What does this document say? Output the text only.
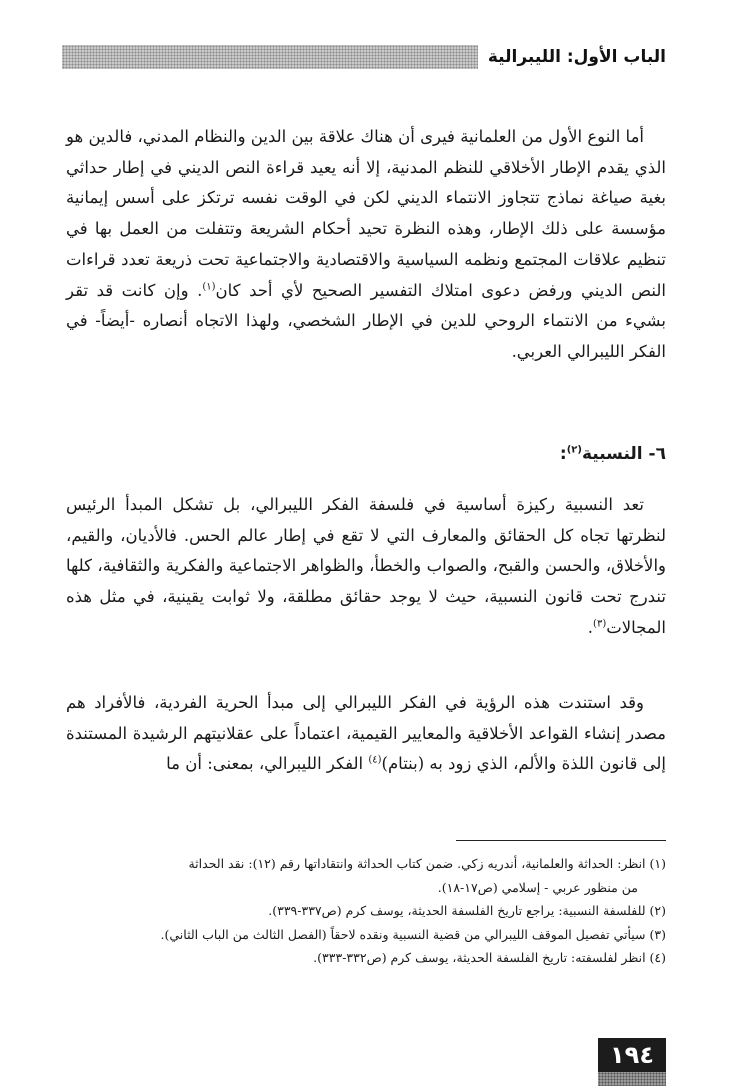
الباب الأول: الليبرالية

أما النوع الأول من العلمانية فيرى أن هناك علاقة بين الدين والنظام المدني، فالدين هو الذي يقدم الإطار الأخلاقي للنظم المدنية، إلا أنه يعيد قراءة النص الديني في إطار حداثي بغية صياغة نماذج تتجاوز الانتماء الديني لكن في الوقت نفسه ترتكز على أسس إيمانية مؤسسة على ذلك الإطار، وهذه النظرة تحيد أحكام الشريعة وتتفلت من العمل بها في تنظيم علاقات المجتمع ونظمه السياسية والاقتصادية والاجتماعية تحت ذريعة تعدد قراءات النص الديني ورفض دعوى امتلاك التفسير الصحيح لأي أحد كان$^{(١)}$. وإن كانت قد تقر بشيء من الانتماء الروحي للدين في الإطار الشخصي، ولهذا الاتجاه أنصاره -أيضاً- في الفكر الليبرالي العربي.

٦- النسبية$^{(٢)}$:

تعد النسبية ركيزة أساسية في فلسفة الفكر الليبرالي، بل تشكل المبدأ الرئيس لنظرتها تجاه كل الحقائق والمعارف التي لا تقع في إطار عالم الحس. فالأديان، والقيم، والأخلاق، والحسن والقبح، والصواب والخطأ، والظواهر الاجتماعية والفكرية والثقافية، كلها تندرج تحت قانون النسبية، حيث لا يوجد حقائق مطلقة، ولا ثوابت يقينية، في مثل هذه المجالات$^{(٣)}$.

وقد استندت هذه الرؤية في الفكر الليبرالي إلى مبدأ الحرية الفردية، فالأفراد هم مصدر إنشاء القواعد الأخلاقية والمعايير القيمية، اعتماداً على عقلانيتهم الرشيدة المستندة إلى قانون اللذة والألم، الذي زود به (بنتام)$^{(٤)}$ الفكر الليبرالي، بمعنى: أن ما

(١) انظر: الحداثة والعلمانية، أندريه زكي. ضمن كتاب الحداثة وانتقاداتها رقم (١٢): نقد الحداثة

من منظور عربي - إسلامي (ص١٧-١٨).

(٢) للفلسفة النسبية: يراجع تاريخ الفلسفة الحديثة، يوسف كرم (ص٣٣٧-٣٣٩).

(٣) سيأتي تفصيل الموقف الليبرالي من قضية النسبية ونقده لاحقاً (الفصل الثالث من الباب الثاني).

(٤) انظر لفلسفته: تاريخ الفلسفة الحديثة، يوسف كرم (ص٣٣٢-٣٣٣).

١٩٤
